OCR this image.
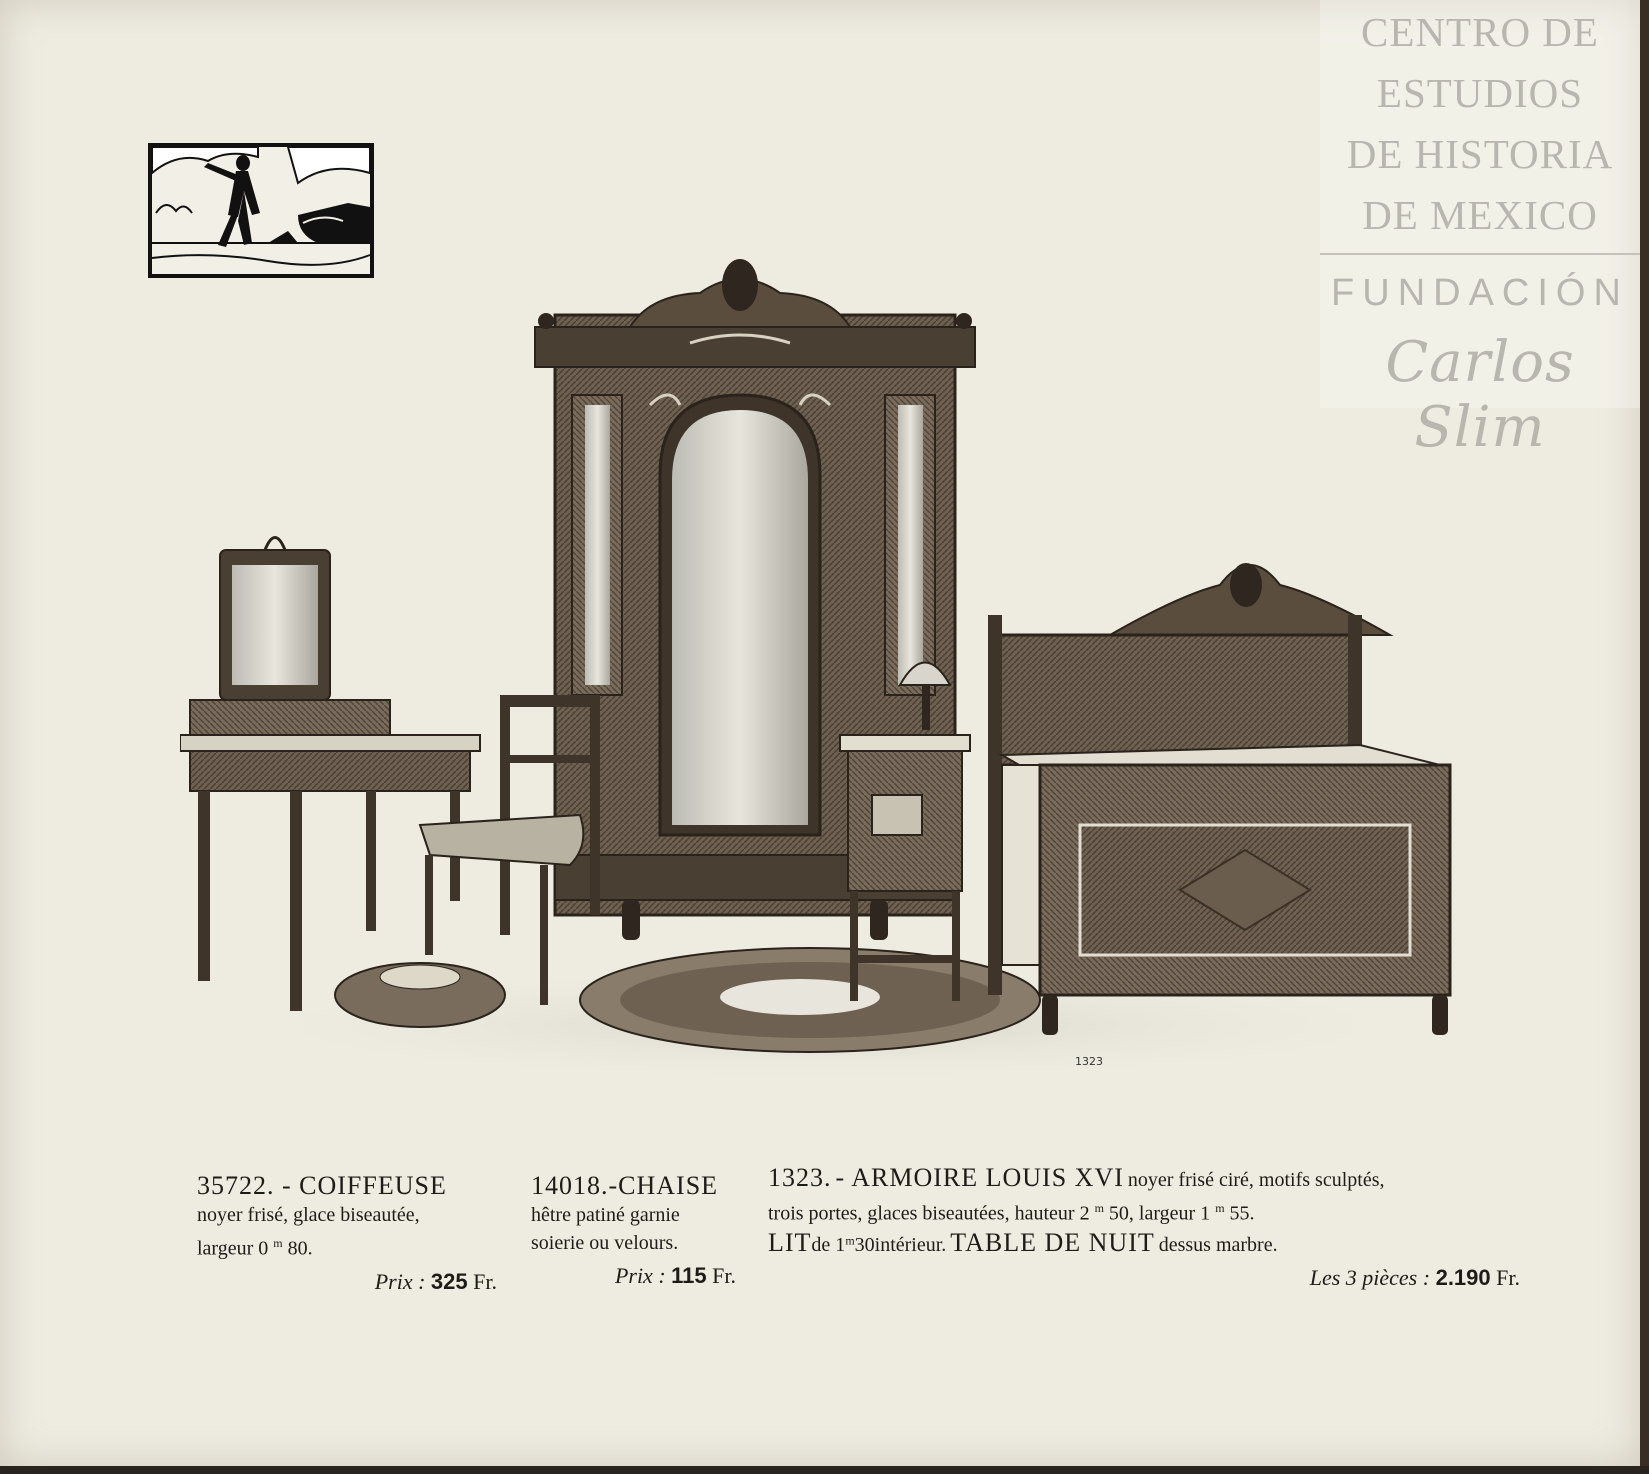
CENTRO DE
ESTUDIOS
DE HISTORIA
DE MEXICO
FUNDACIÓN
Carlos Slim
1323
35722. - COIFFEUSE
noyer frisé, glace biseautée,
largeur 0 $^m$ 80.
Prix : 325 Fr.
14018.-CHAISE
hêtre patiné garnie
soierie ou velours.
Prix : 115 Fr.
1323. - ARMOIRE LOUIS XVI noyer frisé ciré, motifs sculptés,
trois portes, glaces biseautées, hauteur 2 $^m$ 50, largeur 1 $^m$ 55.
LITde 1$^m$30intérieur. TABLE DE NUIT dessus marbre.
Les 3 pièces : 2.190 Fr.
